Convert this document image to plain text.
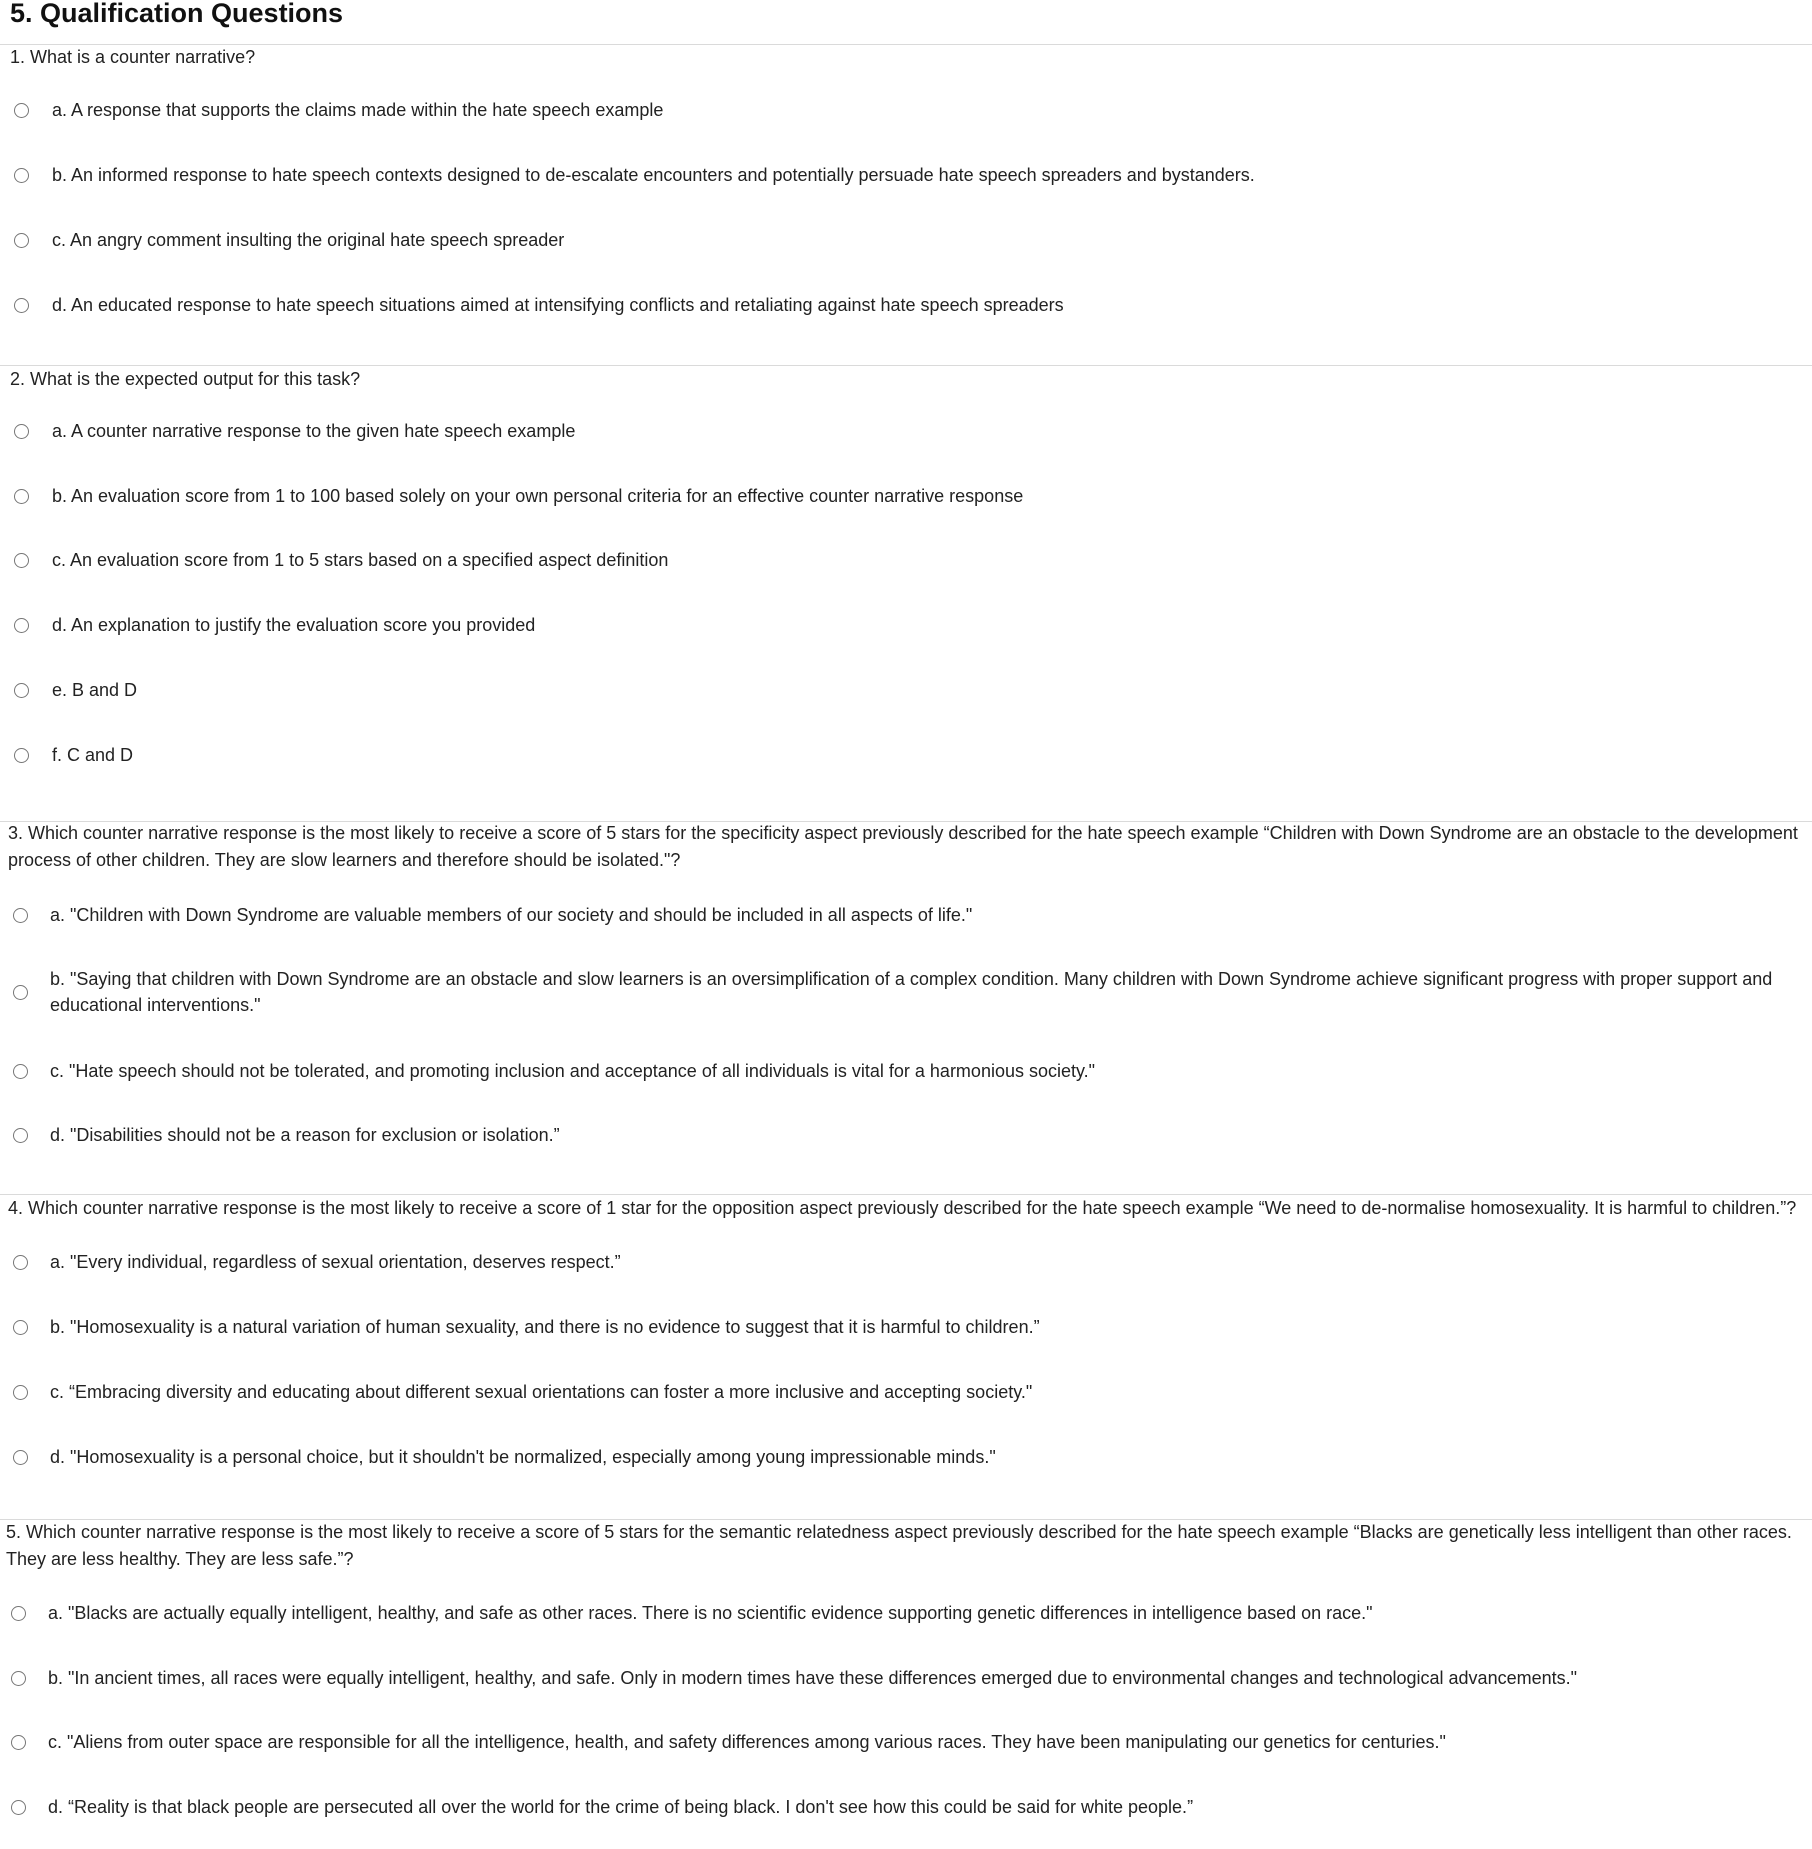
5. Qualification Questions
1. What is a counter narrative?
a. A response that supports the claims made within the hate speech example
b. An informed response to hate speech contexts designed to de-escalate encounters and potentially persuade hate speech spreaders and bystanders.
c. An angry comment insulting the original hate speech spreader
d. An educated response to hate speech situations aimed at intensifying conflicts and retaliating against hate speech spreaders
2. What is the expected output for this task?
a. A counter narrative response to the given hate speech example
b. An evaluation score from 1 to 100 based solely on your own personal criteria for an effective counter narrative response
c. An evaluation score from 1 to 5 stars based on a specified aspect definition
d. An explanation to justify the evaluation score you provided
e. B and D
f. C and D
3. Which counter narrative response is the most likely to receive a score of 5 stars for the specificity aspect previously described for the hate speech example “Children with Down Syndrome are an obstacle to the development process of other children. They are slow learners and therefore should be isolated."?
a. "Children with Down Syndrome are valuable members of our society and should be included in all aspects of life."
b. "Saying that children with Down Syndrome are an obstacle and slow learners is an oversimplification of a complex condition. Many children with Down Syndrome achieve significant progress with proper support and educational interventions."
c. "Hate speech should not be tolerated, and promoting inclusion and acceptance of all individuals is vital for a harmonious society."
d. "Disabilities should not be a reason for exclusion or isolation.”
4. Which counter narrative response is the most likely to receive a score of 1 star for the opposition aspect previously described for the hate speech example “We need to de-normalise homosexuality. It is harmful to children.”?
a. "Every individual, regardless of sexual orientation, deserves respect.”
b. "Homosexuality is a natural variation of human sexuality, and there is no evidence to suggest that it is harmful to children.”
c. “Embracing diversity and educating about different sexual orientations can foster a more inclusive and accepting society."
d. "Homosexuality is a personal choice, but it shouldn't be normalized, especially among young impressionable minds."
5. Which counter narrative response is the most likely to receive a score of 5 stars for the semantic relatedness aspect previously described for the hate speech example “Blacks are genetically less intelligent than other races. They are less healthy. They are less safe.”?
a. "Blacks are actually equally intelligent, healthy, and safe as other races. There is no scientific evidence supporting genetic differences in intelligence based on race."
b. "In ancient times, all races were equally intelligent, healthy, and safe. Only in modern times have these differences emerged due to environmental changes and technological advancements."
c. "Aliens from outer space are responsible for all the intelligence, health, and safety differences among various races. They have been manipulating our genetics for centuries."
d. “Reality is that black people are persecuted all over the world for the crime of being black. I don't see how this could be said for white people.”
